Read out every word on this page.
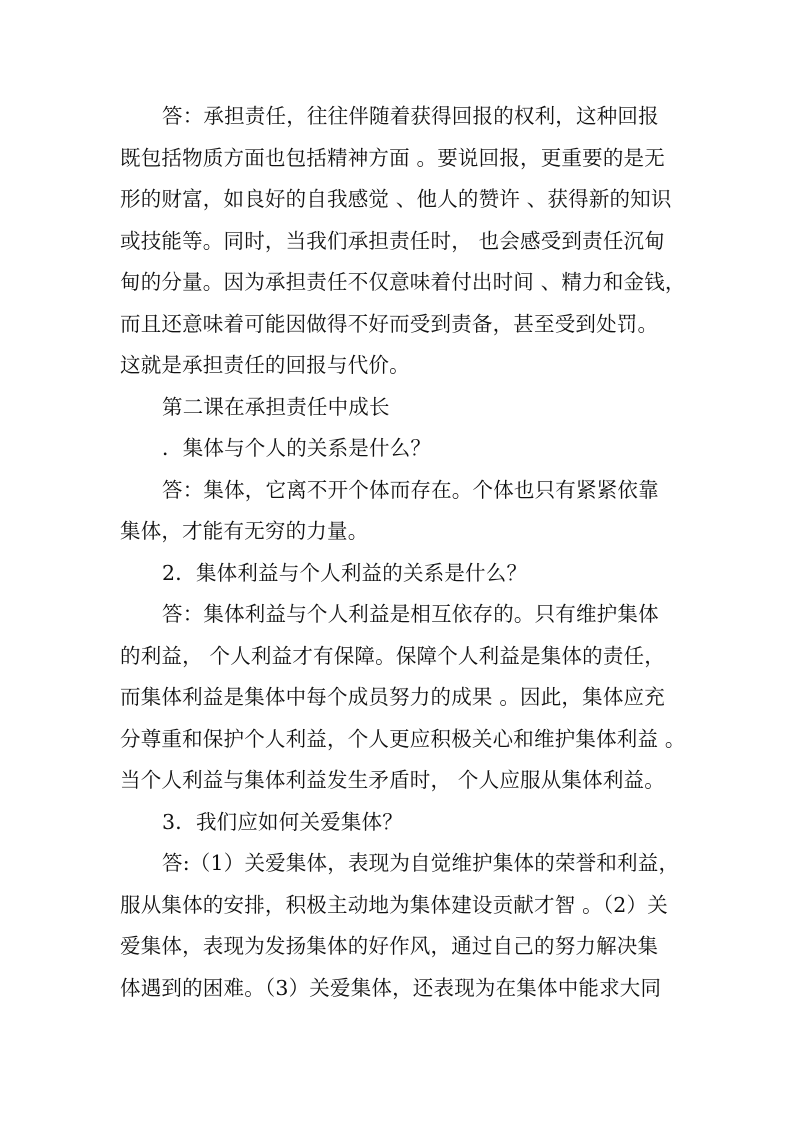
答：承担责任，往往伴随着获得回报的权利，这种回报
既包括物质方面也包括精神方面 。要说回报，更重要的是无
形的财富，如良好的自我感觉 、他人的赞许 、获得新的知识
或技能等。同时，当我们承担责任时， 也会感受到责任沉甸
甸的分量。因为承担责任不仅意味着付出时间 、精力和金钱，
而且还意味着可能因做得不好而受到责备，甚至受到处罚。
这就是承担责任的回报与代价。
第二课在承担责任中成长
．集体与个人的关系是什么？
答：集体，它离不开个体而存在。个体也只有紧紧依靠
集体，才能有无穷的力量。
2．集体利益与个人利益的关系是什么？
答：集体利益与个人利益是相互依存的。只有维护集体
的利益， 个人利益才有保障。保障个人利益是集体的责任，
而集体利益是集体中每个成员努力的成果 。因此，集体应充
分尊重和保护个人利益，个人更应积极关心和维护集体利益 。
当个人利益与集体利益发生矛盾时， 个人应服从集体利益。
3．我们应如何关爱集体？
答:（1）关爱集体，表现为自觉维护集体的荣誉和利益，
服从集体的安排，积极主动地为集体建设贡献才智 。（2）关
爱集体，表现为发扬集体的好作风，通过自己的努力解决集
体遇到的困难。（3）关爱集体，还表现为在集体中能求大同
